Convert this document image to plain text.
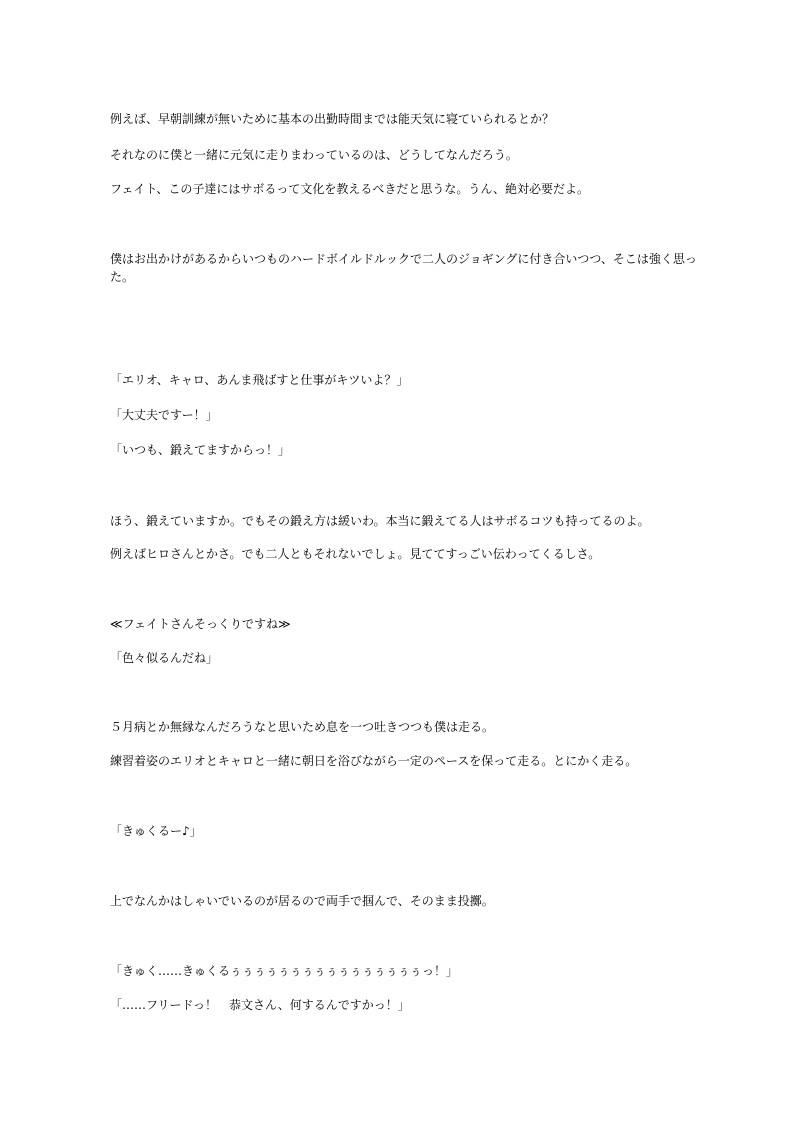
例えば、早朝訓練が無いために基本の出勤時間までは能天気に寝ていられるとか？
それなのに僕と一緒に元気に走りまわっているのは、どうしてなんだろう。
フェイト、この子達にはサボるって文化を教えるべきだと思うな。うん、絶対必要だよ。
僕はお出かけがあるからいつものハードボイルドルックで二人のジョギングに付き合いつつ、そこは強く思った。
「エリオ、キャロ、あんま飛ばすと仕事がキツいよ？」
「大丈夫ですー！」
「いつも、鍛えてますからっ！」
ほう、鍛えていますか。でもその鍛え方は緩いわ。本当に鍛えてる人はサボるコツも持ってるのよ。
例えばヒロさんとかさ。でも二人ともそれないでしょ。見ててすっごい伝わってくるしさ。
≪フェイトさんそっくりですね≫
「色々似るんだね」
５月病とか無縁なんだろうなと思いため息を一つ吐きつつも僕は走る。
練習着姿のエリオとキャロと一緒に朝日を浴びながら一定のペースを保って走る。とにかく走る。
「きゅくるー♪」
上でなんかはしゃいでいるのが居るので両手で掴んで、そのまま投擲。
「きゅく……きゅくるぅぅぅぅぅぅぅぅぅぅぅぅぅぅぅぅっ！」
「……フリードっ！　恭文さん、何するんですかっ！」
